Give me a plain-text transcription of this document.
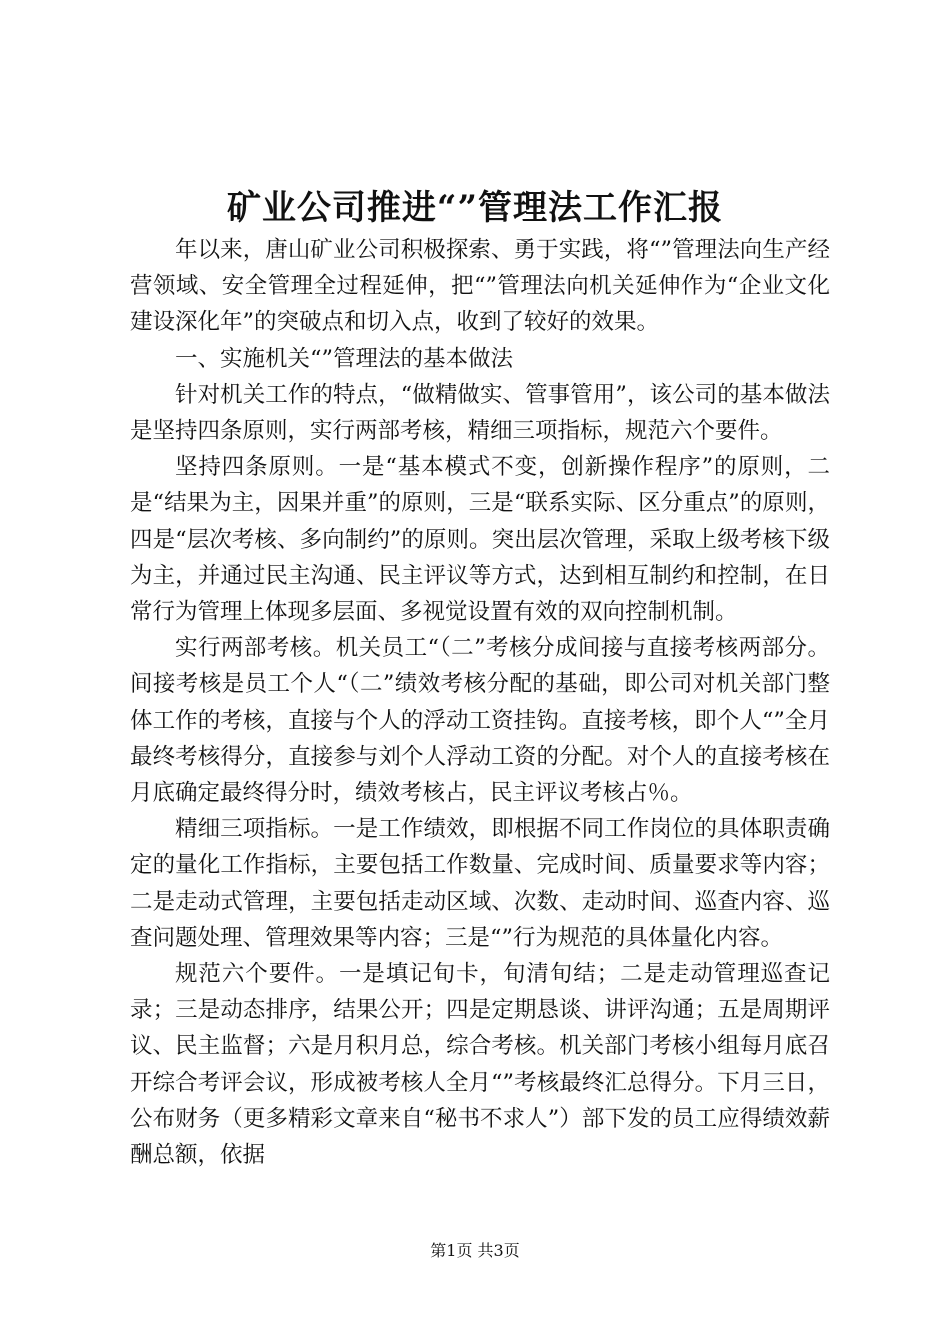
矿业公司推进“”管理法工作汇报

年以来，唐山矿业公司积极探索、勇于实践，将“”管理法向生产经营领域、安全管理全过程延伸，把“”管理法向机关延伸作为“企业文化建设深化年”的突破点和切入点，收到了较好的效果。

一、实施机关“”管理法的基本做法

针对机关工作的特点，“做精做实、管事管用”，该公司的基本做法是坚持四条原则，实行两部考核，精细三项指标，规范六个要件。

坚持四条原则。一是“基本模式不变，创新操作程序”的原则，二是“结果为主，因果并重”的原则，三是“联系实际、区分重点”的原则，四是“层次考核、多向制约”的原则。突出层次管理，采取上级考核下级为主，并通过民主沟通、民主评议等方式，达到相互制约和控制，在日常行为管理上体现多层面、多视觉设置有效的双向控制机制。

实行两部考核。机关员工“（二”考核分成间接与直接考核两部分。间接考核是员工个人“（二”绩效考核分配的基础，即公司对机关部门整体工作的考核，直接与个人的浮动工资挂钩。直接考核，即个人“”全月最终考核得分，直接参与刘个人浮动工资的分配。对个人的直接考核在月底确定最终得分时，绩效考核占，民主评议考核占％。

精细三项指标。一是工作绩效，即根据不同工作岗位的具体职责确定的量化工作指标，主要包括工作数量、完成时间、质量要求等内容；二是走动式管理，主要包括走动区域、次数、走动时间、巡查内容、巡查问题处理、管理效果等内容；三是“”行为规范的具体量化内容。

规范六个要件。一是填记旬卡，旬清旬结；二是走动管理巡查记录；三是动态排序，结果公开；四是定期恳谈、讲评沟通；五是周期评议、民主监督；六是月积月总，综合考核。机关部门考核小组每月底召开综合考评会议，形成被考核人全月“”考核最终汇总得分。下月三日，公布财务（更多精彩文章来自“秘书不求人”）部下发的员工应得绩效薪酬总额，依据

第1页 共3页
